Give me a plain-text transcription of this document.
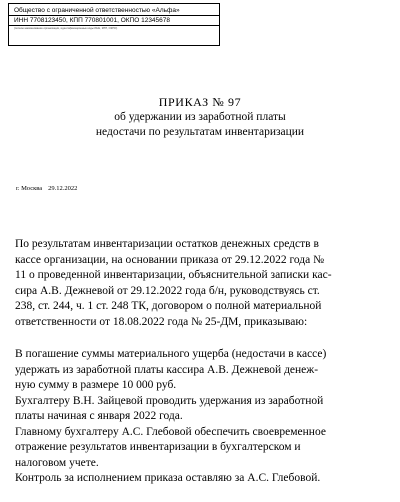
Общество с ограниченной ответственностью «Альфа»
ИНН 7708123450, КПП 770801001, ОКПО 12345678
(полное наименование организации, идентификационные коды ИНН, КПП, ОКПО)
ПРИКАЗ № 97
об удержании из заработной платы
недостачи по результатам инвентаризации
г. Москва 29.12.2022
По результатам инвентаризации остатков денежных средств в
кассе организации, на основании приказа от 29.12.2022 года №
11 о проведенной инвентаризации, объяснительной записки кас-
сира А.В. Дежневой от 29.12.2022 года б/н, руководствуясь ст.
238, ст. 244, ч. 1 ст. 248 ТК, договором о полной материальной
ответственности от 18.08.2022 года № 25-ДМ, приказываю:
В погашение суммы материального ущерба (недостачи в кассе)
удержать из заработной платы кассира А.В. Дежневой денеж-
ную сумму в размере 10 000 руб.
Бухгалтеру В.Н. Зайцевой проводить удержания из заработной
платы начиная с января 2022 года.
Главному бухгалтеру А.С. Глебовой обеспечить своевременное
отражение результатов инвентаризации в бухгалтерском и
налоговом учете.
Контроль за исполнением приказа оставляю за А.С. Глебовой.
